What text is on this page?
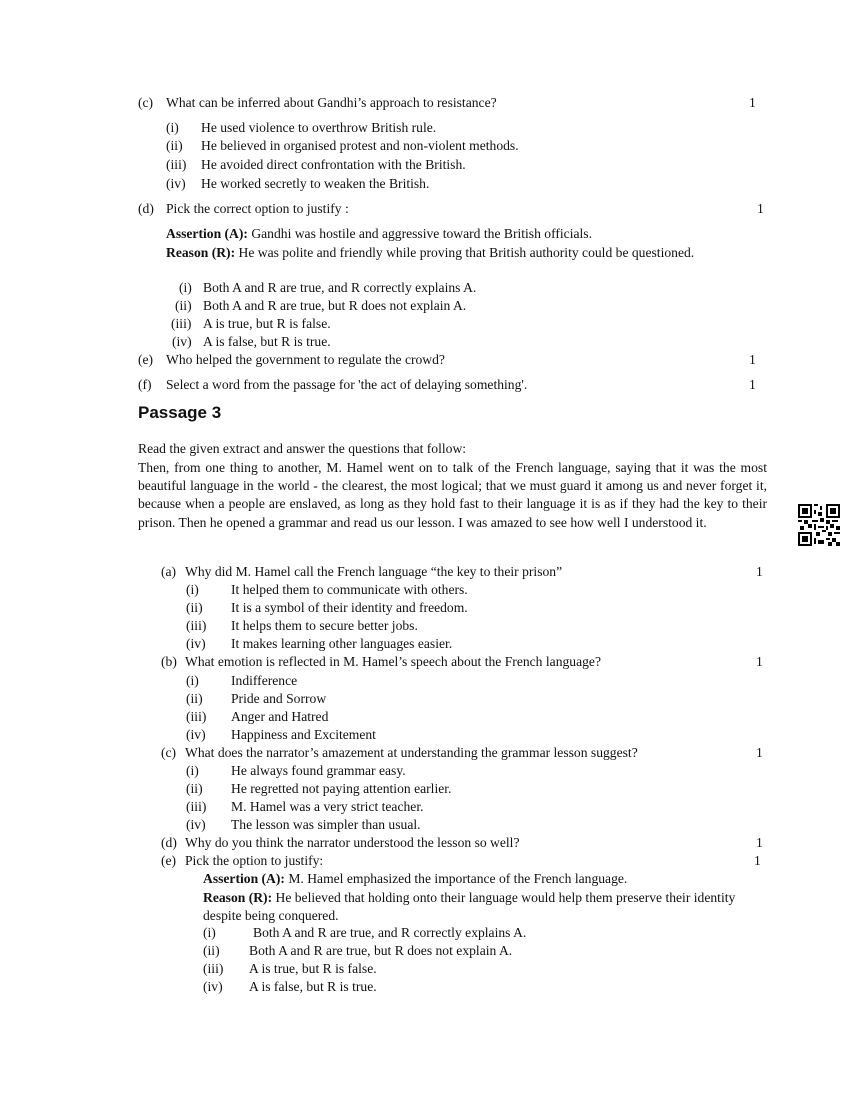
(c) What can be inferred about Gandhi’s approach to resistance?	1
(i) He used violence to overthrow British rule.
(ii) He believed in organised protest and non-violent methods.
(iii) He avoided direct confrontation with the British.
(iv) He worked secretly to weaken the British.
(d) Pick the correct option to justify :	1
Assertion (A): Gandhi was hostile and aggressive toward the British officials.
Reason (R): He was polite and friendly while proving that British authority could be questioned.
(i) Both A and R are true, and R correctly explains A.
(ii) Both A and R are true, but R does not explain A.
(iii) A is true, but R is false.
(iv) A is false, but R is true.
(e) Who helped the government to regulate the crowd?	1
(f) Select a word from the passage for 'the act of delaying something'.	1
Passage 3
Read the given extract and answer the questions that follow:
Then, from one thing to another, M. Hamel went on to talk of the French language, saying that it was the most beautiful language in the world - the clearest, the most logical; that we must guard it among us and never forget it, because when a people are enslaved, as long as they hold fast to their language it is as if they had the key to their prison. Then he opened a grammar and read us our lesson. I was amazed to see how well I understood it.
(a) Why did M. Hamel call the French language “the key to their prison”	1
(i) It helped them to communicate with others.
(ii) It is a symbol of their identity and freedom.
(iii) It helps them to secure better jobs.
(iv) It makes learning other languages easier.
(b) What emotion is reflected in M. Hamel’s speech about the French language?	1
(i) Indifference
(ii) Pride and Sorrow
(iii) Anger and Hatred
(iv) Happiness and Excitement
(c) What does the narrator’s amazement at understanding the grammar lesson suggest?	1
(i) He always found grammar easy.
(ii) He regretted not paying attention earlier.
(iii) M. Hamel was a very strict teacher.
(iv) The lesson was simpler than usual.
(d) Why do you think the narrator understood the lesson so well?	1
(e) Pick the option to justify:	1
Assertion (A): M. Hamel emphasized the importance of the French language.
Reason (R): He believed that holding onto their language would help them preserve their identity despite being conquered.
(i)	Both A and R are true, and R correctly explains A.
(ii) Both A and R are true, but R does not explain A.
(iii) A is true, but R is false.
(iv) A is false, but R is true.
